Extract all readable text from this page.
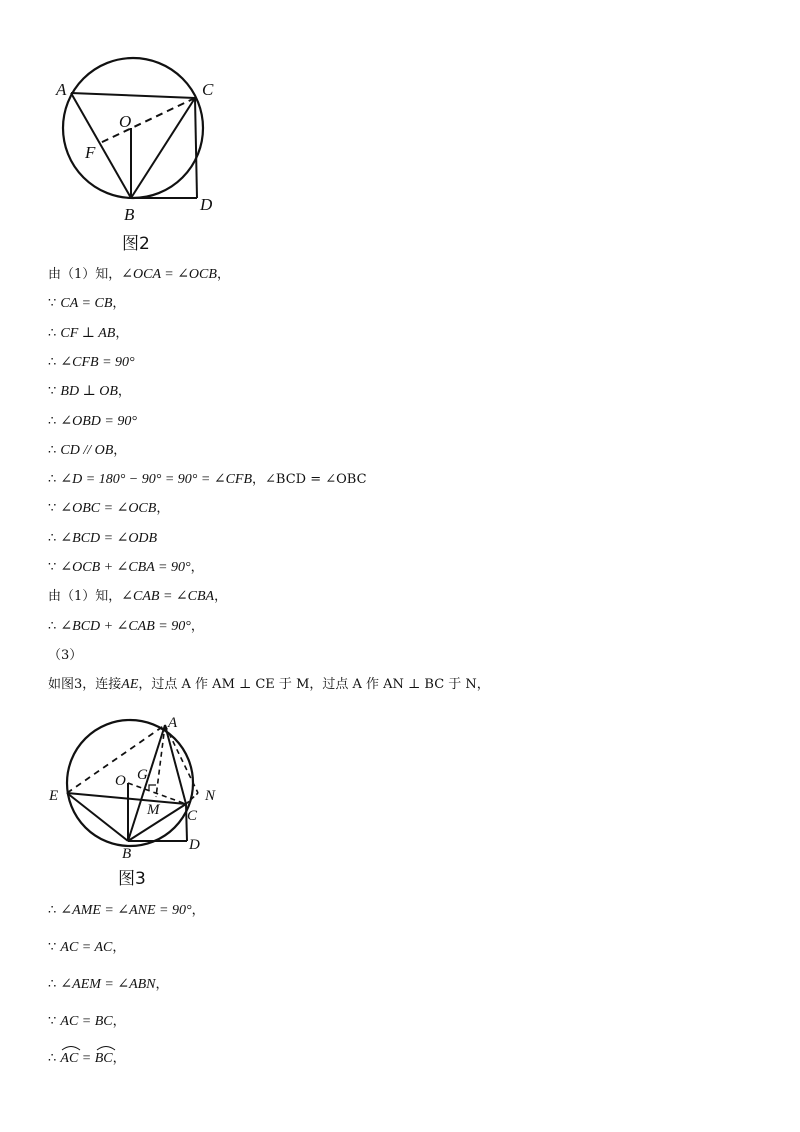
A	C
O
F
B
D
图2
由（1）知，∠OCA = ∠OCB，
∵ CA = CB，
∴ CF ⊥ AB，
∴ ∠CFB = 90°
∵ BD ⊥ OB，
∴ ∠OBD = 90°
∴ CD // OB，
∴ ∠D = 180° − 90° = 90° = ∠CFB，∠BCD = ∠OBC
∵ ∠OBC = ∠OCB，
∴ ∠BCD = ∠ODB
∵ ∠OCB + ∠CBA = 90°，
由（1）知，∠CAB = ∠CBA，
∴ ∠BCD + ∠CAB = 90°，
（3）
如图3，连接AE，过点 A 作 AM ⊥ CE 于 M，过点 A 作 AN ⊥ BC 于 N，
A
E
O G
N
M C
B
D
图3
∴ ∠AME = ∠ANE = 90°，
∵ AC = AC，
∴ ∠AEM = ∠ABN，
∵ AC = BC，
∴
AC =
BC，
